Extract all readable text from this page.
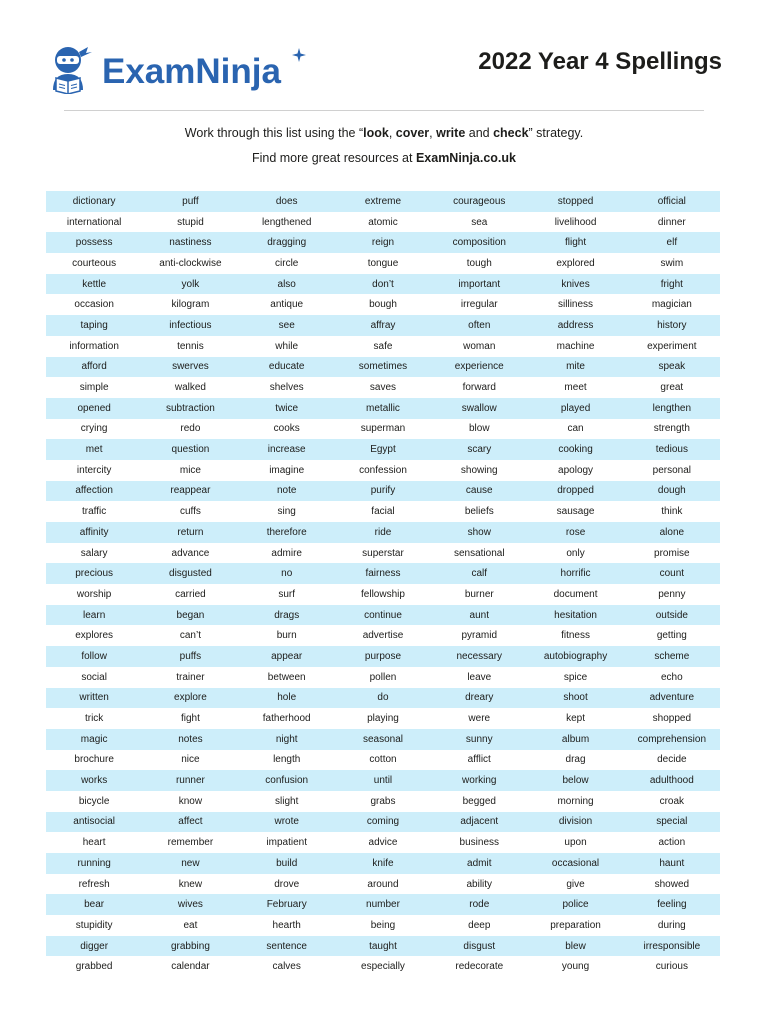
ExamNinja	2022 Year 4 Spellings
Work through this list using the “look, cover, write and check” strategy.
Find more great resources at ExamNinja.co.uk
dictionary	puff	does	extreme	courageous	stopped	official
international	stupid	lengthened	atomic	sea	livelihood	dinner
possess	nastiness	dragging	reign	composition	flight	elf
courteous	anti-clockwise	circle	tongue	tough	explored	swim
kettle	yolk	also	don’t	important	knives	fright
occasion	kilogram	antique	bough	irregular	silliness	magician
taping	infectious	see	affray	often	address	history
information	tennis	while	safe	woman	machine	experiment
afford	swerves	educate	sometimes	experience	mite	speak
simple	walked	shelves	saves	forward	meet	great
opened	subtraction	twice	metallic	swallow	played	lengthen
crying	redo	cooks	superman	blow	can	strength
met	question	increase	Egypt	scary	cooking	tedious
intercity	mice	imagine	confession	showing	apology	personal
affection	reappear	note	purify	cause	dropped	dough
traffic	cuffs	sing	facial	beliefs	sausage	think
affinity	return	therefore	ride	show	rose	alone
salary	advance	admire	superstar	sensational	only	promise
precious	disgusted	no	fairness	calf	horrific	count
worship	carried	surf	fellowship	burner	document	penny
learn	began	drags	continue	aunt	hesitation	outside
explores	can’t	burn	advertise	pyramid	fitness	getting
follow	puffs	appear	purpose	necessary	autobiography	scheme
social	trainer	between	pollen	leave	spice	echo
written	explore	hole	do	dreary	shoot	adventure
trick	fight	fatherhood	playing	were	kept	shopped
magic	notes	night	seasonal	sunny	album	comprehension
brochure	nice	length	cotton	afflict	drag	decide
works	runner	confusion	until	working	below	adulthood
bicycle	know	slight	grabs	begged	morning	croak
antisocial	affect	wrote	coming	adjacent	division	special
heart	remember	impatient	advice	business	upon	action
running	new	build	knife	admit	occasional	haunt
refresh	knew	drove	around	ability	give	showed
bear	wives	February	number	rode	police	feeling
stupidity	eat	hearth	being	deep	preparation	during
digger	grabbing	sentence	taught	disgust	blew	irresponsible
grabbed	calendar	calves	especially	redecorate	young	curious
